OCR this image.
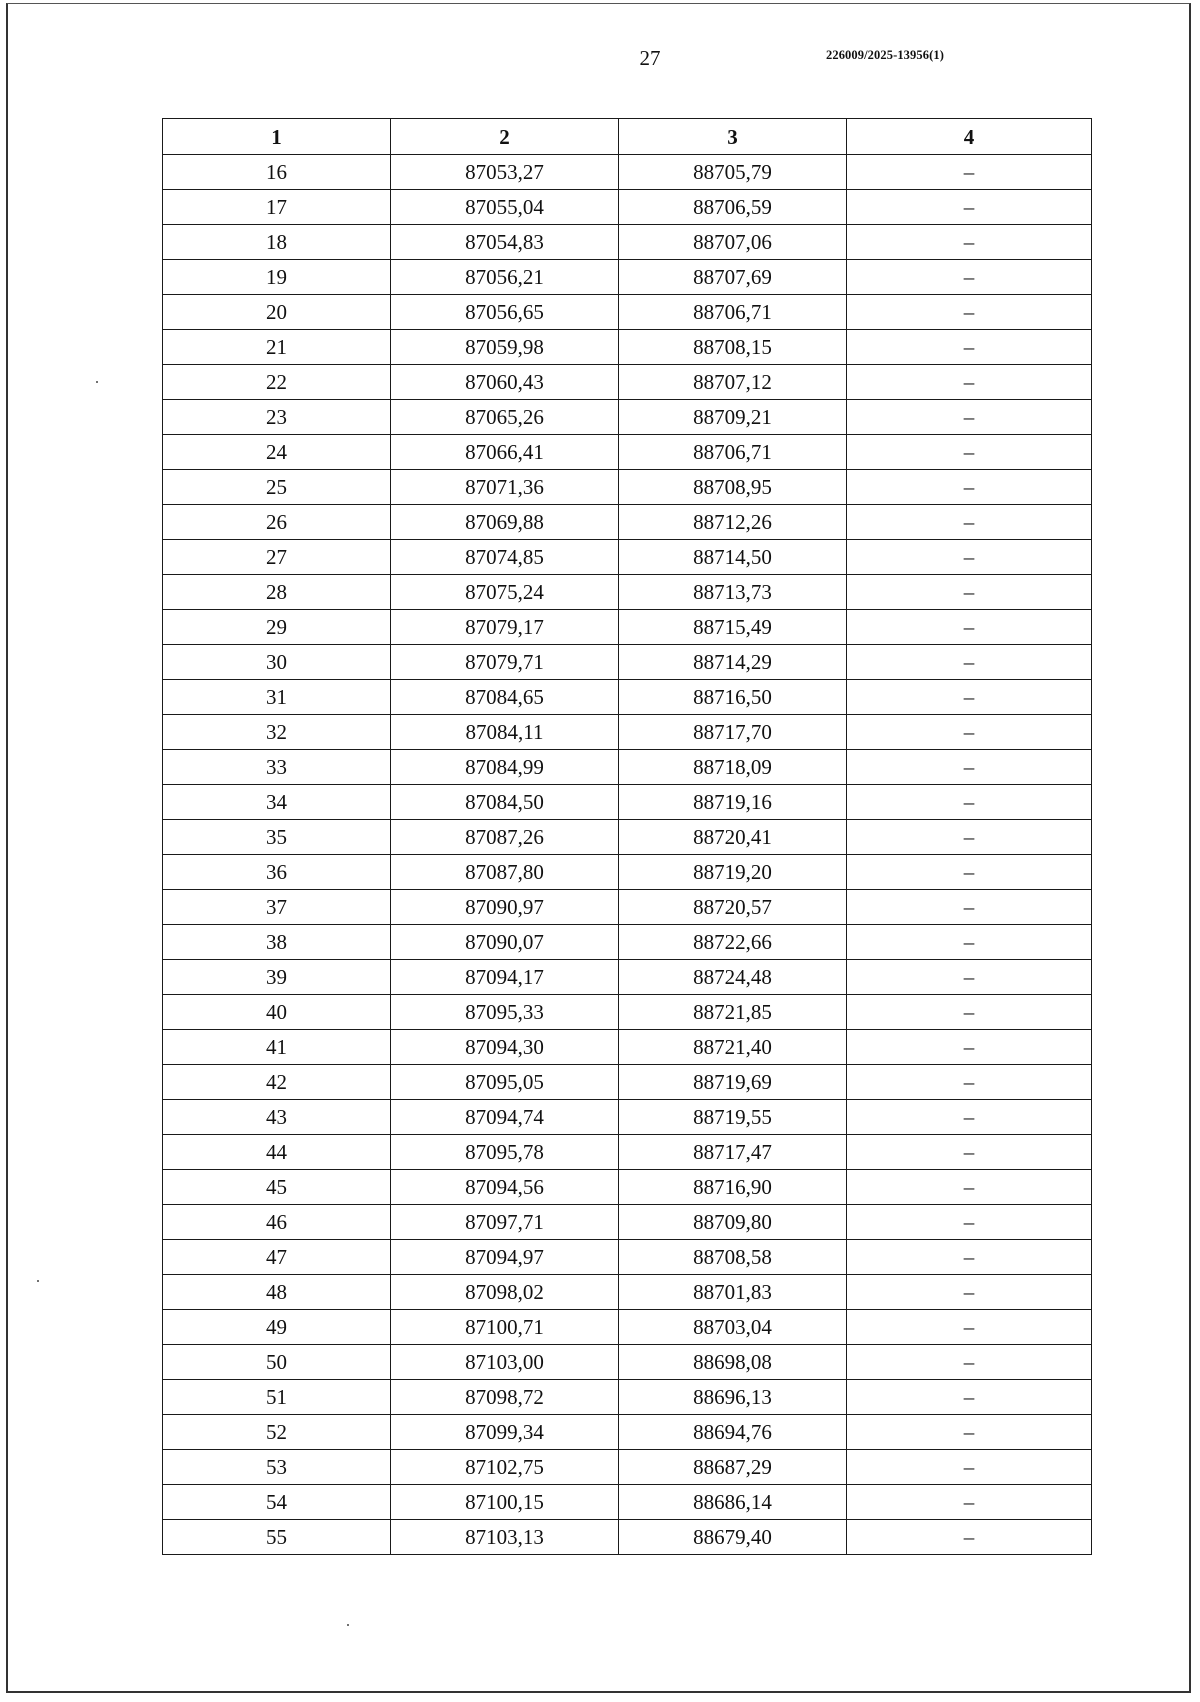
27	226009/2025-13956(1)
1	2	3	4
16	87053,27	88705,79	–
17	87055,04	88706,59	–
18	87054,83	88707,06	–
19	87056,21	88707,69	–
20	87056,65	88706,71	–
21	87059,98	88708,15	–
22	87060,43	88707,12	–
23	87065,26	88709,21	–
24	87066,41	88706,71	–
25	87071,36	88708,95	–
26	87069,88	88712,26	–
27	87074,85	88714,50	–
28	87075,24	88713,73	–
29	87079,17	88715,49	–
30	87079,71	88714,29	–
31	87084,65	88716,50	–
32	87084,11	88717,70	–
33	87084,99	88718,09	–
34	87084,50	88719,16	–
35	87087,26	88720,41	–
36	87087,80	88719,20	–
37	87090,97	88720,57	–
38	87090,07	88722,66	–
39	87094,17	88724,48	–
40	87095,33	88721,85	–
41	87094,30	88721,40	–
42	87095,05	88719,69	–
43	87094,74	88719,55	–
44	87095,78	88717,47	–
45	87094,56	88716,90	–
46	87097,71	88709,80	–
47	87094,97	88708,58	–
48	87098,02	88701,83	–
49	87100,71	88703,04	–
50	87103,00	88698,08	–
51	87098,72	88696,13	–
52	87099,34	88694,76	–
53	87102,75	88687,29	–
54	87100,15	88686,14	–
55	87103,13	88679,40	–
